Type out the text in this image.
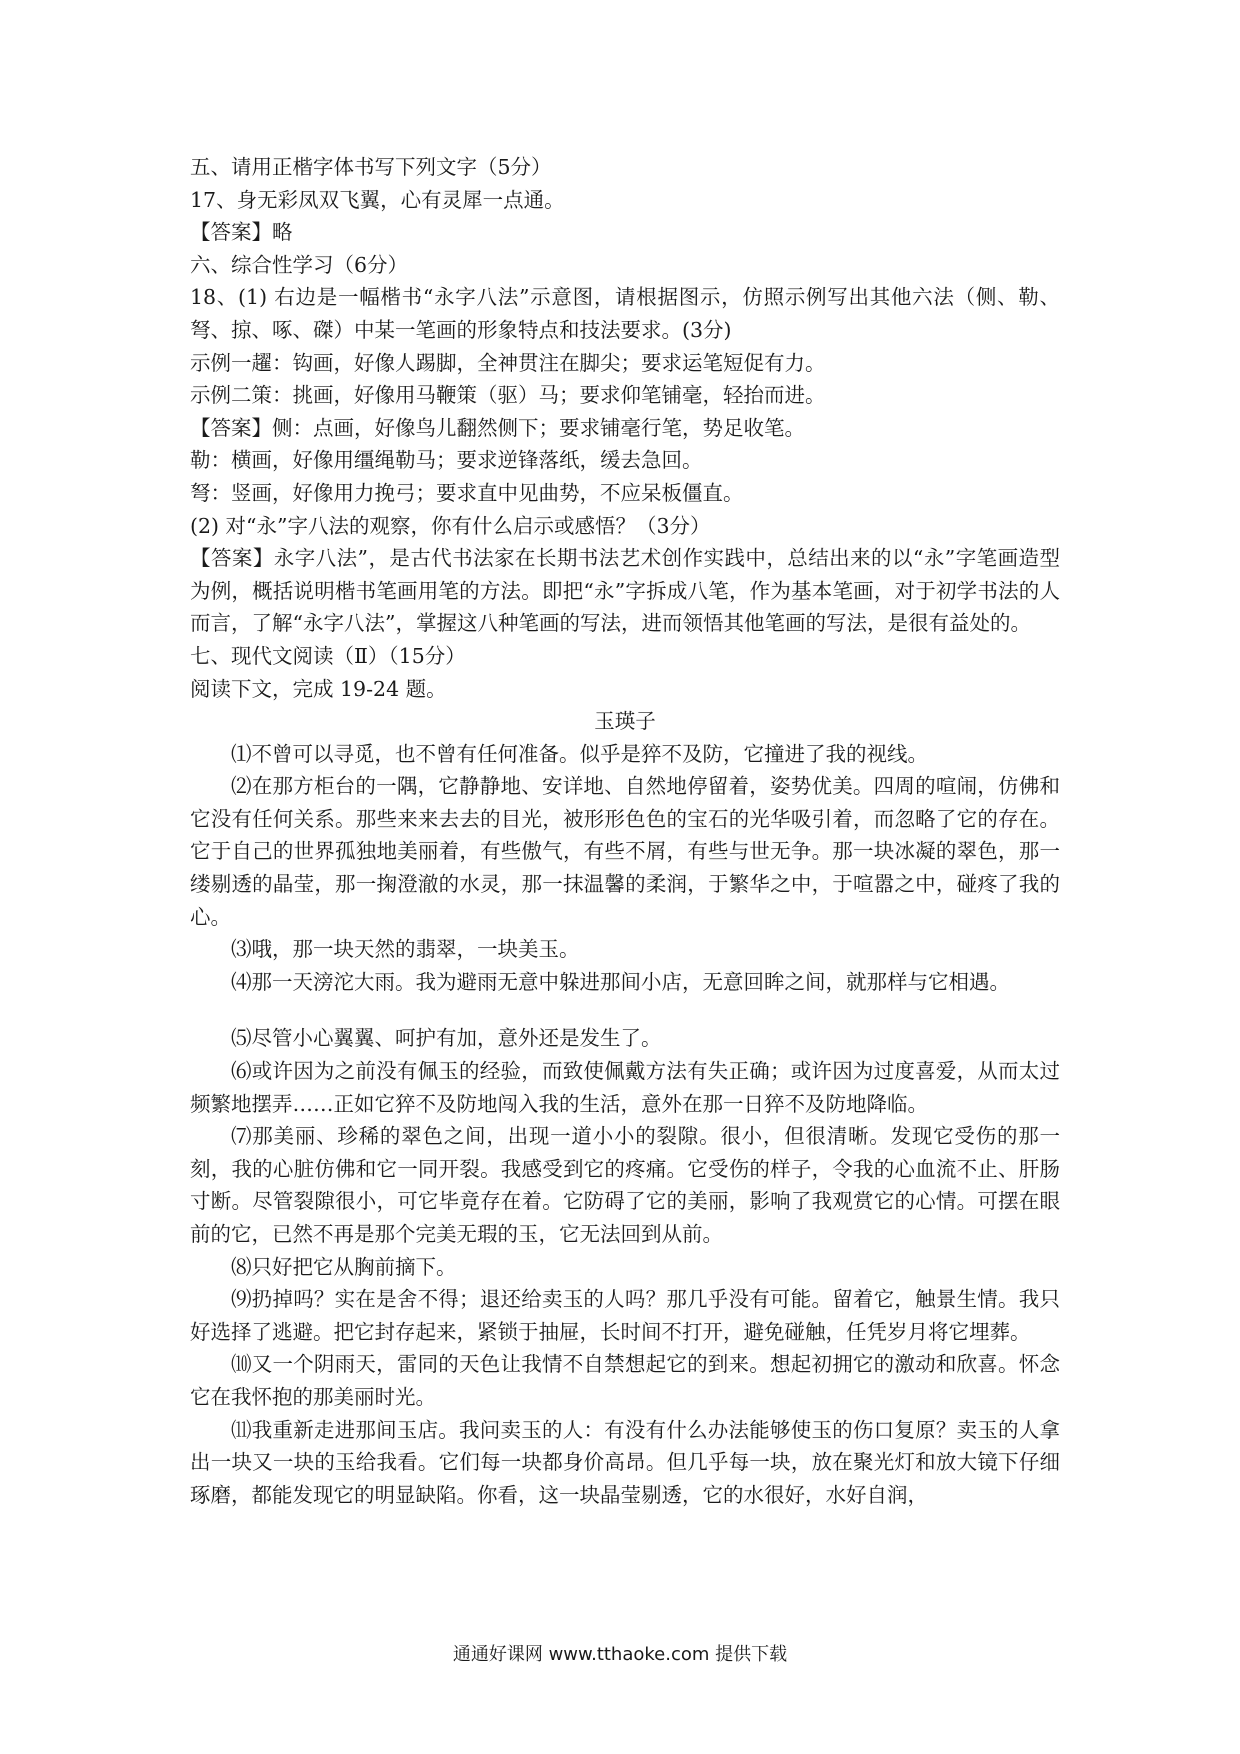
五、请用正楷字体书写下列文字（5分）
17、身无彩凤双飞翼，心有灵犀一点通。
【答案】略
六、综合性学习（6分）
18、(1) 右边是一幅楷书“永字八法”示意图，请根据图示，仿照示例写出其他六法（侧、勒、弩、掠、啄、磔）中某一笔画的形象特点和技法要求。(3分)
示例一趯：钩画，好像人踢脚，全神贯注在脚尖；要求运笔短促有力。
示例二策：挑画，好像用马鞭策（驱）马；要求仰笔铺毫，轻抬而进。
【答案】侧：点画，好像鸟儿翻然侧下；要求铺毫行笔，势足收笔。
勒：横画，好像用缰绳勒马；要求逆锋落纸，缓去急回。
弩：竖画，好像用力挽弓；要求直中见曲势，不应呆板僵直。
(2) 对“永”字八法的观察，你有什么启示或感悟？（3分）
【答案】永字八法”，是古代书法家在长期书法艺术创作实践中，总结出来的以“永”字笔画造型为例，概括说明楷书笔画用笔的方法。即把“永”字拆成八笔，作为基本笔画，对于初学书法的人而言，了解“永字八法”，掌握这八种笔画的写法，进而领悟其他笔画的写法，是很有益处的。
七、现代文阅读（Ⅱ）（15分）
阅读下文，完成 19-24 题。
玉瑛子
⑴不曾可以寻觅，也不曾有任何准备。似乎是猝不及防，它撞进了我的视线。
⑵在那方柜台的一隅，它静静地、安详地、自然地停留着，姿势优美。四周的喧闹，仿佛和它没有任何关系。那些来来去去的目光，被形形色色的宝石的光华吸引着，而忽略了它的存在。它于自己的世界孤独地美丽着，有些傲气，有些不屑，有些与世无争。那一块冰凝的翠色，那一缕剔透的晶莹，那一掬澄澈的水灵，那一抹温馨的柔润，于繁华之中，于喧嚣之中，碰疼了我的心。
⑶哦，那一块天然的翡翠，一块美玉。
⑷那一天滂沱大雨。我为避雨无意中躲进那间小店，无意回眸之间，就那样与它相遇。
⑸尽管小心翼翼、呵护有加，意外还是发生了。
⑹或许因为之前没有佩玉的经验，而致使佩戴方法有失正确；或许因为过度喜爱，从而太过频繁地摆弄……正如它猝不及防地闯入我的生活，意外在那一日猝不及防地降临。
⑺那美丽、珍稀的翠色之间，出现一道小小的裂隙。很小，但很清晰。发现它受伤的那一刻，我的心脏仿佛和它一同开裂。我感受到它的疼痛。它受伤的样子，令我的心血流不止、肝肠寸断。尽管裂隙很小，可它毕竟存在着。它防碍了它的美丽，影响了我观赏它的心情。可摆在眼前的它，已然不再是那个完美无瑕的玉，它无法回到从前。
⑻只好把它从胸前摘下。
⑼扔掉吗？实在是舍不得；退还给卖玉的人吗？那几乎没有可能。留着它，触景生情。我只好选择了逃避。把它封存起来，紧锁于抽屉，长时间不打开，避免碰触，任凭岁月将它埋葬。
⑽又一个阴雨天，雷同的天色让我情不自禁想起它的到来。想起初拥它的激动和欣喜。怀念它在我怀抱的那美丽时光。
⑾我重新走进那间玉店。我问卖玉的人：有没有什么办法能够使玉的伤口复原？卖玉的人拿出一块又一块的玉给我看。它们每一块都身价高昂。但几乎每一块，放在聚光灯和放大镜下仔细琢磨，都能发现它的明显缺陷。你看，这一块晶莹剔透，它的水很好，水好自润，
通通好课网 www.tthaoke.com 提供下载
